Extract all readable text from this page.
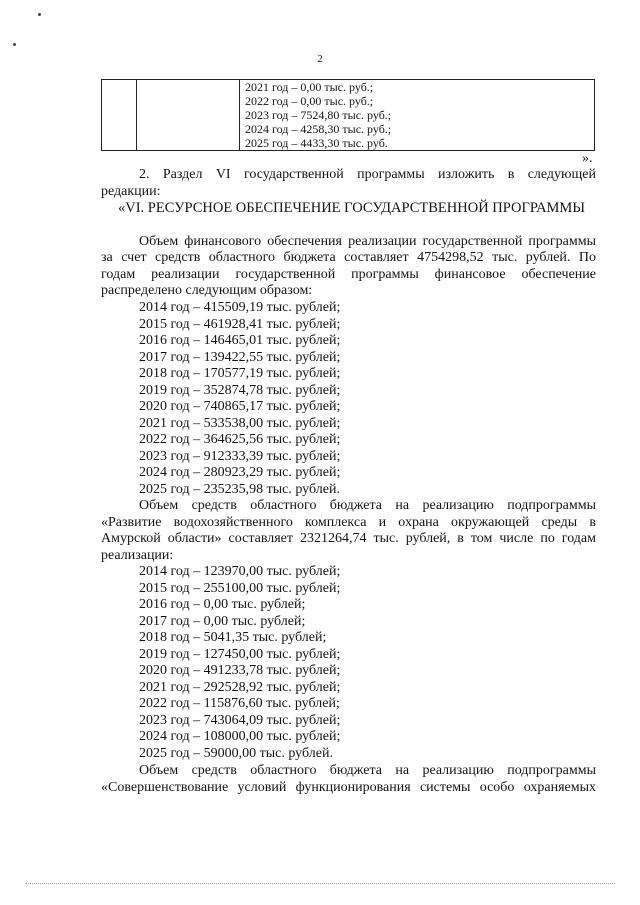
2

2021 год – 0,00 тыс. руб.;
2022 год – 0,00 тыс. руб.;
2023 год – 7524,80 тыс. руб.;
2024 год – 4258,30 тыс. руб.;
2025 год – 4433,30 тыс. руб.
».
2. Раздел VI государственной программы изложить в следующей
редакции:
«VI. РЕСУРСНОЕ ОБЕСПЕЧЕНИЕ ГОСУДАРСТВЕННОЙ ПРОГРАММЫ
Объем финансового обеспечения реализации государственной программы
за счет средств областного бюджета составляет 4754298,52 тыс. рублей. По
годам реализации государственной программы финансовое обеспечение
распределено следующим образом:
2014 год – 415509,19 тыс. рублей;
2015 год – 461928,41 тыс. рублей;
2016 год – 146465,01 тыс. рублей;
2017 год – 139422,55 тыс. рублей;
2018 год – 170577,19 тыс. рублей;
2019 год – 352874,78 тыс. рублей;
2020 год – 740865,17 тыс. рублей;
2021 год – 533538,00 тыс. рублей;
2022 год – 364625,56 тыс. рублей;
2023 год – 912333,39 тыс. рублей;
2024 год – 280923,29 тыс. рублей;
2025 год – 235235,98 тыс. рублей.
Объем средств областного бюджета на реализацию подпрограммы
«Развитие водохозяйственного комплекса и охрана окружающей среды в
Амурской области» составляет 2321264,74 тыс. рублей, в том числе по годам
реализации:
2014 год – 123970,00 тыс. рублей;
2015 год – 255100,00 тыс. рублей;
2016 год – 0,00 тыс. рублей;
2017 год – 0,00 тыс. рублей;
2018 год – 5041,35 тыс. рублей;
2019 год – 127450,00 тыс. рублей;
2020 год – 491233,78 тыс. рублей;
2021 год – 292528,92 тыс. рублей;
2022 год – 115876,60 тыс. рублей;
2023 год – 743064,09 тыс. рублей;
2024 год – 108000,00 тыс. рублей;
2025 год – 59000,00 тыс. рублей.
Объем средств областного бюджета на реализацию подпрограммы
«Совершенствование условий функционирования системы особо охраняемых
